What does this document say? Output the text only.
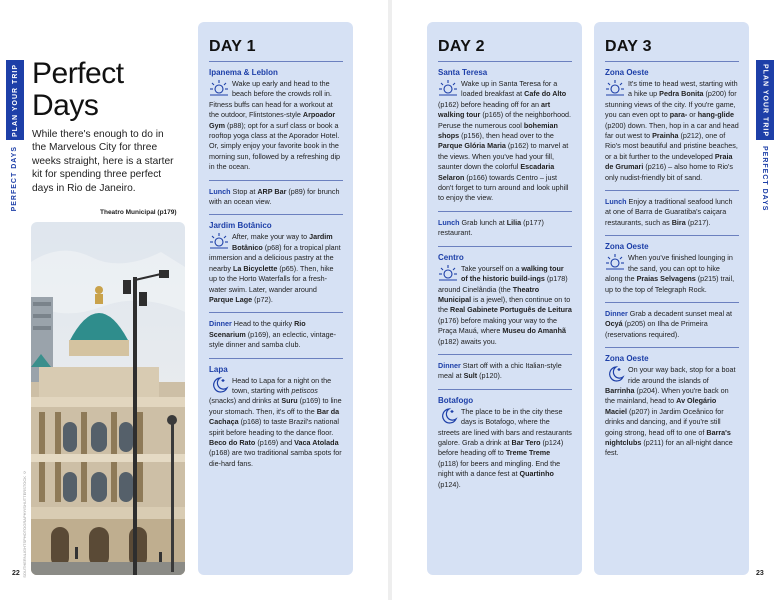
PLAN YOUR TRIP
PERFECT DAYS
Perfect
Days
While there's enough to do in the Marvelous City for three weeks straight, here is a starter kit for spending three perfect days in Rio de Janeiro.
Theatro Municipal (p179)
SOUTHERNLIGHTSPHOTOGRAPHY/SHUTTERSTOCK ©
22
DAY 1
Ipanema & Leblon
Wake up early and head to the beach before the crowds roll in. Fitness buffs can head for a workout at the outdoor, Flintstones-style Arpoador Gym (p88); opt for a surf class or book a rooftop yoga class at the Aporador Hotel. Or, simply enjoy your favorite book in the morning sun, followed by a refreshing dip in the ocean.
Lunch Stop at ARP Bar (p89) for brunch with an ocean view.
Jardim Botânico
After, make your way to Jardim Botânico (p68) for a tropical plant immersion and a delicious pastry at the nearby La Bicyclette (p65). Then, hike up to the Horto Waterfalls for a fresh-water swim. Later, wander around Parque Lage (p72).
Dinner Head to the quirky Rio Scenarium (p169), an eclectic, vintage-style dinner and samba club.
Lapa
Head to Lapa for a night on the town, starting with petiscos (snacks) and drinks at Suru (p169) to line your stomach. Then, it's off to the Bar da Cachaça (p168) to taste Brazil's national spirit before heading to the dance floor. Beco do Rato (p169) and Vaca Atolada (p168) are two traditional samba spots for die-hard fans.
DAY 2
Santa Teresa
Wake up in Santa Teresa for a loaded breakfast at Cafe do Alto (p162) before heading off for an art walking tour (p165) of the neighborhood. Peruse the numerous cool bohemian shops (p156), then head over to the Parque Glória Maria (p162) to marvel at the views. When you've had your fill, saunter down the colorful Escadaria Selaron (p166) towards Centro – just don't forget to turn around and look uphill to enjoy the view.
Lunch Grab lunch at Lilia (p177) restaurant.
Centro
Take yourself on a walking tour of the historic build-ings (p178) around Cinelândia (the Theatro Municipal is a jewel), then continue on to the Real Gabinete Português de Leitura (p176) before making your way to the Praça Mauá, where Museu do Amanhã (p182) awaits you.
Dinner Start off with a chic Italian-style meal at Sult (p120).
Botafogo
The place to be in the city these days is Botafogo, where the streets are lined with bars and restaurants galore. Grab a drink at Bar Tero (p124) before heading off to Treme Treme (p118) for beers and mingling. End the night with a dance fest at Quartinho (p124).
DAY 3
Zona Oeste
It's time to head west, starting with a hike up Pedra Bonita (p200) for stunning views of the city. If you're game, you can even opt to para- or hang-glide (p200) down. Then, hop in a car and head far out west to Prainha (p212), one of Rio's most beautiful and pristine beaches, or a bit further to the undeveloped Praia de Grumari (p216) – also home to Rio's only nudist-friendly bit of sand.
Lunch Enjoy a traditional seafood lunch at one of Barra de Guaratiba's caiçara restaurants, such as Bira (p217).
Zona Oeste
When you've finished lounging in the sand, you can opt to hike along the Praias Selvagens (p215) trail, up to the top of Telegraph Rock.
Dinner Grab a decadent sunset meal at Ocyá (p205) on Ilha de Primeira (reservations required).
Zona Oeste
On your way back, stop for a boat ride around the islands of Barrinha (p204). When you're back on the mainland, head to Av Olegário Maciel (p207) in Jardim Oceânico for drinks and dancing, and if you're still going strong, head off to one of Barra's nightclubs (p211) for an all-night dance fest.
PLAN YOUR TRIP
PERFECT DAYS
23
